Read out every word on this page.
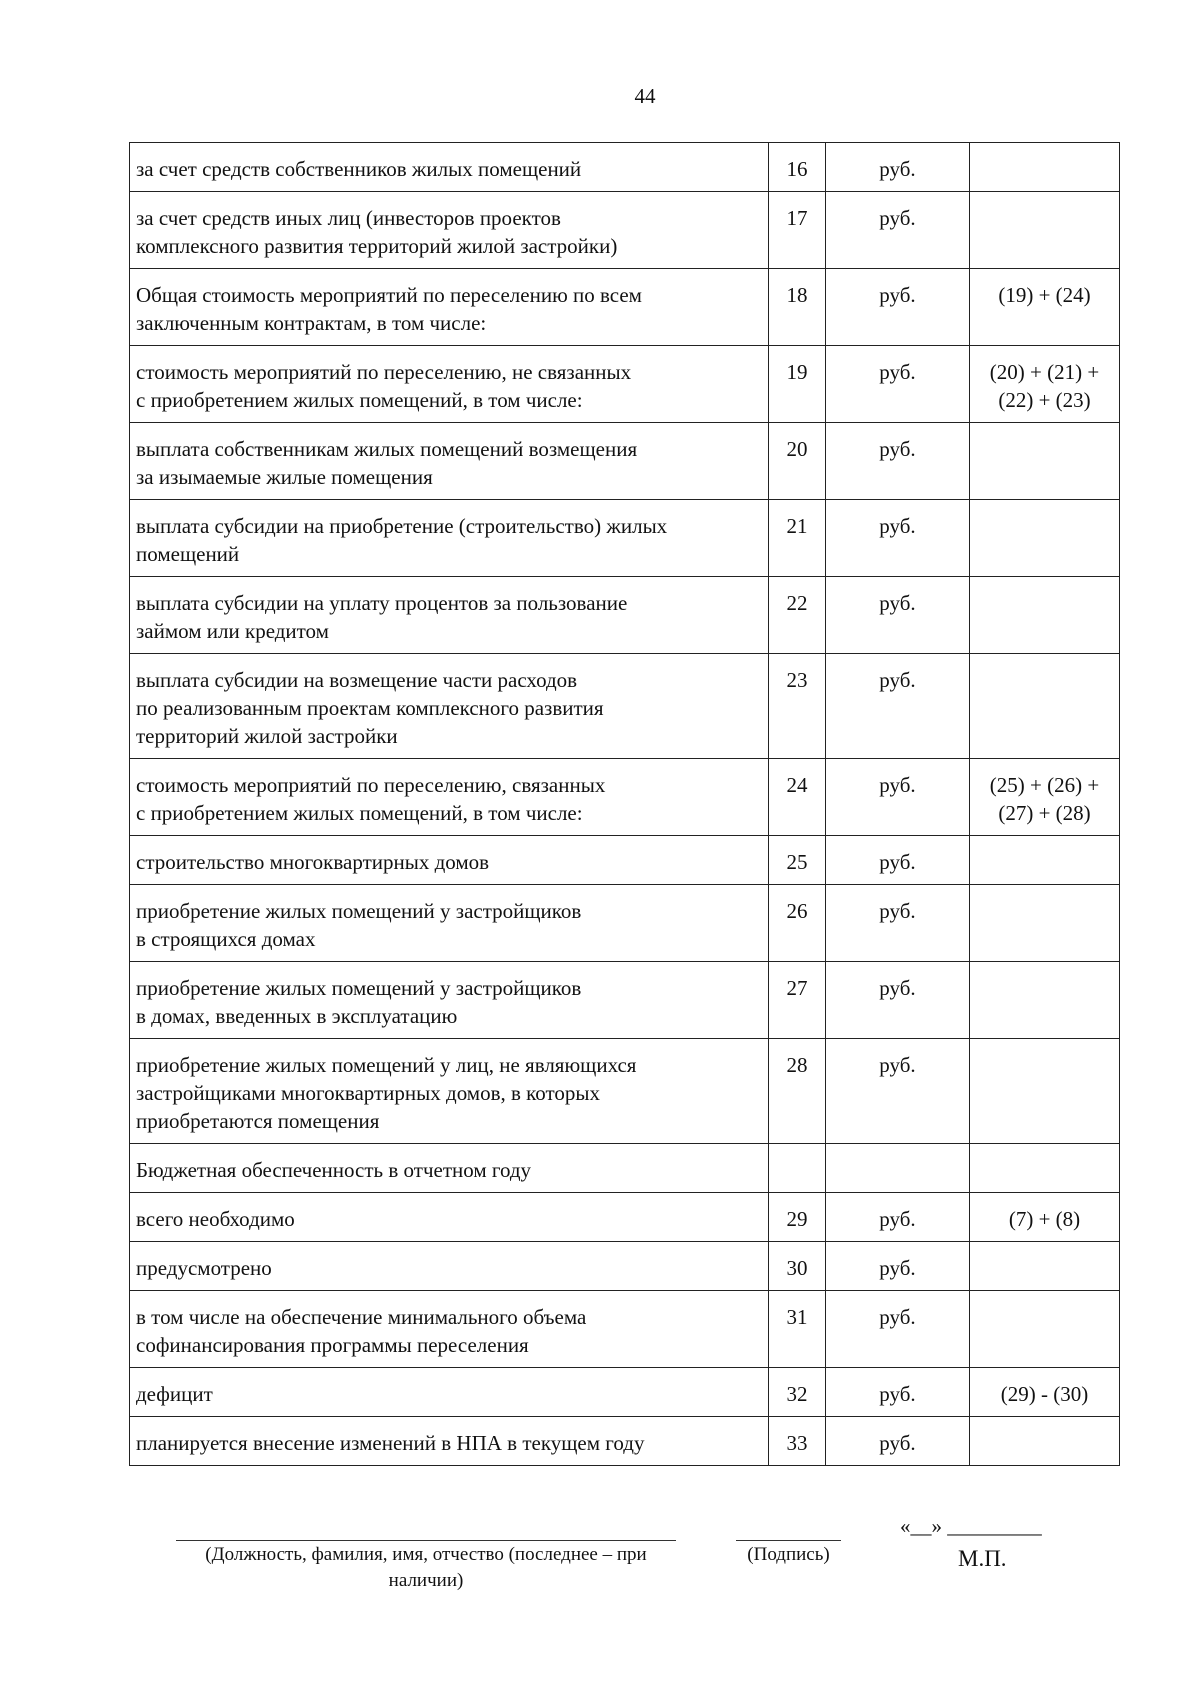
44
за счет средств собственников жилых помещений	16	руб.	
за счет средств иных лиц (инвесторов проектов
комплексного развития территорий жилой застройки)	17	руб.	
Общая стоимость мероприятий по переселению по всем
заключенным контрактам, в том числе:	18	руб.	(19) + (24)
стоимость мероприятий по переселению, не связанных
с приобретением жилых помещений, в том числе:	19	руб.	(20) + (21) +
(22) + (23)
выплата собственникам жилых помещений возмещения
за изымаемые жилые помещения	20	руб.	
выплата субсидии на приобретение (строительство) жилых
помещений	21	руб.	
выплата субсидии на уплату процентов за пользование
займом или кредитом	22	руб.	
выплата субсидии на возмещение части расходов
по реализованным проектам комплексного развития
территорий жилой застройки	23	руб.	
стоимость мероприятий по переселению, связанных
с приобретением жилых помещений, в том числе:	24	руб.	(25) + (26) +
(27) + (28)
строительство многоквартирных домов	25	руб.	
приобретение жилых помещений у застройщиков
в строящихся домах	26	руб.	
приобретение жилых помещений у застройщиков
в домах, введенных в эксплуатацию	27	руб.	
приобретение жилых помещений у лиц, не являющихся
застройщиками многоквартирных домов, в которых
приобретаются помещения	28	руб.	
Бюджетная обеспеченность в отчетном году			
всего необходимо	29	руб.	(7) + (8)
предусмотрено	30	руб.	
в том числе на обеспечение минимального объема
софинансирования программы переселения	31	руб.	
дефицит	32	руб.	(29) - (30)
планируется внесение изменений в НПА в текущем году	33	руб.	
(Должность, фамилия, имя, отчество (последнее – при
наличии)
(Подпись)
«__» _________
М.П.
